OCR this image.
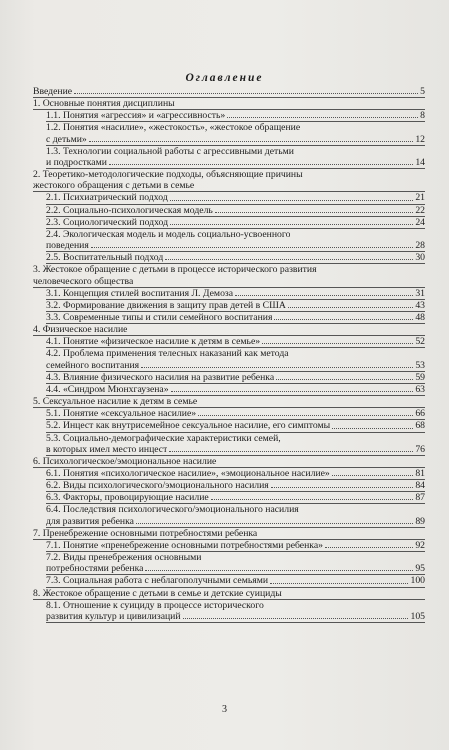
Оглавление
Введение	5
1. Основные понятия дисциплины
1.1. Понятия «агрессия» и «агрессивность»	8
1.2. Понятия «насилие», «жестокость», «жестокое обращение
с детьми»	12
1.3. Технологии социальной работы с агрессивными детьми
и подростками	14
2. Теоретико-методологические подходы, объясняющие причины
жестокого обращения с детьми в семье
2.1. Психиатрический подход	21
2.2. Социально-психологическая модель	22
2.3. Социологический подход	24
2.4. Экологическая модель и модель социально-усвоенного
поведения	28
2.5. Воспитательный подход	30
3. Жестокое обращение с детьми в процессе исторического развития
человеческого общества
3.1. Концепция стилей воспитания Л. Демоза	31
3.2. Формирование движения в защиту прав детей в США	43
3.3. Современные типы и стили семейного воспитания	48
4. Физическое насилие
4.1. Понятие «физическое насилие к детям в семье»	52
4.2. Проблема применения телесных наказаний как метода
семейного воспитания	53
4.3. Влияние физического насилия на развитие ребенка	59
4.4. «Синдром Мюнхгаузена»	63
5. Сексуальное насилие к детям в семье
5.1. Понятие «сексуальное насилие»	66
5.2. Инцест как внутрисемейное сексуальное насилие, его симптомы	68
5.3. Социально-демографические характеристики семей,
в которых имел место инцест	76
6. Психологическое/эмоциональное насилие
6.1. Понятия «психологическое насилие», «эмоциональное насилие»	81
6.2. Виды психологического/эмоционального насилия	84
6.3. Факторы, провоцирующие насилие	87
6.4. Последствия психологического/эмоционального насилия
для развития ребенка	89
7. Пренебрежение основными потребностями ребенка
7.1. Понятие «пренебрежение основными потребностями ребенка»	92
7.2. Виды пренебрежения основными
потребностями ребенка	95
7.3. Социальная работа с неблагополучными семьями	100
8. Жестокое обращение с детьми в семье и детские суициды
8.1. Отношение к суициду в процессе исторического
развития культур и цивилизаций	105
3
